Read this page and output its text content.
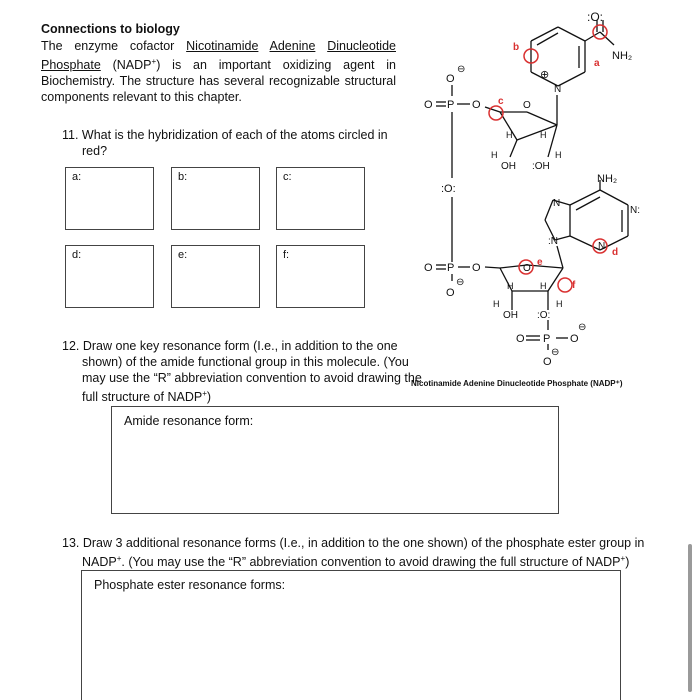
Connections to biology
The enzyme cofactor Nicotinamide Adenine Dinucleotide Phosphate (NADP+) is an important oxidizing agent in Biochemistry. The structure has several recognizable structural components relevant to this chapter.
11. What is the hybridization of each of the atoms circled in red?
a:	b:	c:
d:	e:	f:
12. Draw one key resonance form (I.e., in addition to the one shown) of the amide functional group in this molecule. (You may use the “R” abbreviation convention to avoid drawing the full structure of NADP+)
Amide resonance form:
13. Draw 3 additional resonance forms (I.e., in addition to the one shown) of the phosphate ester group in NADP+. (You may use the “R” abbreviation convention to avoid drawing the full structure of NADP+)
Phosphate ester resonance forms:
:O:
NH₂
N
⊕
O
H	H
H	H
OH :OH
O
⊖
O P O
:O:
NH₂
N
N:
:N	N
O
H	H
H	H
OH :O:
O P O
⊖
O
O P O
⊖
⊖
O
a
b
c
d
e
f
Nicotinamide Adenine Dinucleotide Phosphate (NADP⁺)
